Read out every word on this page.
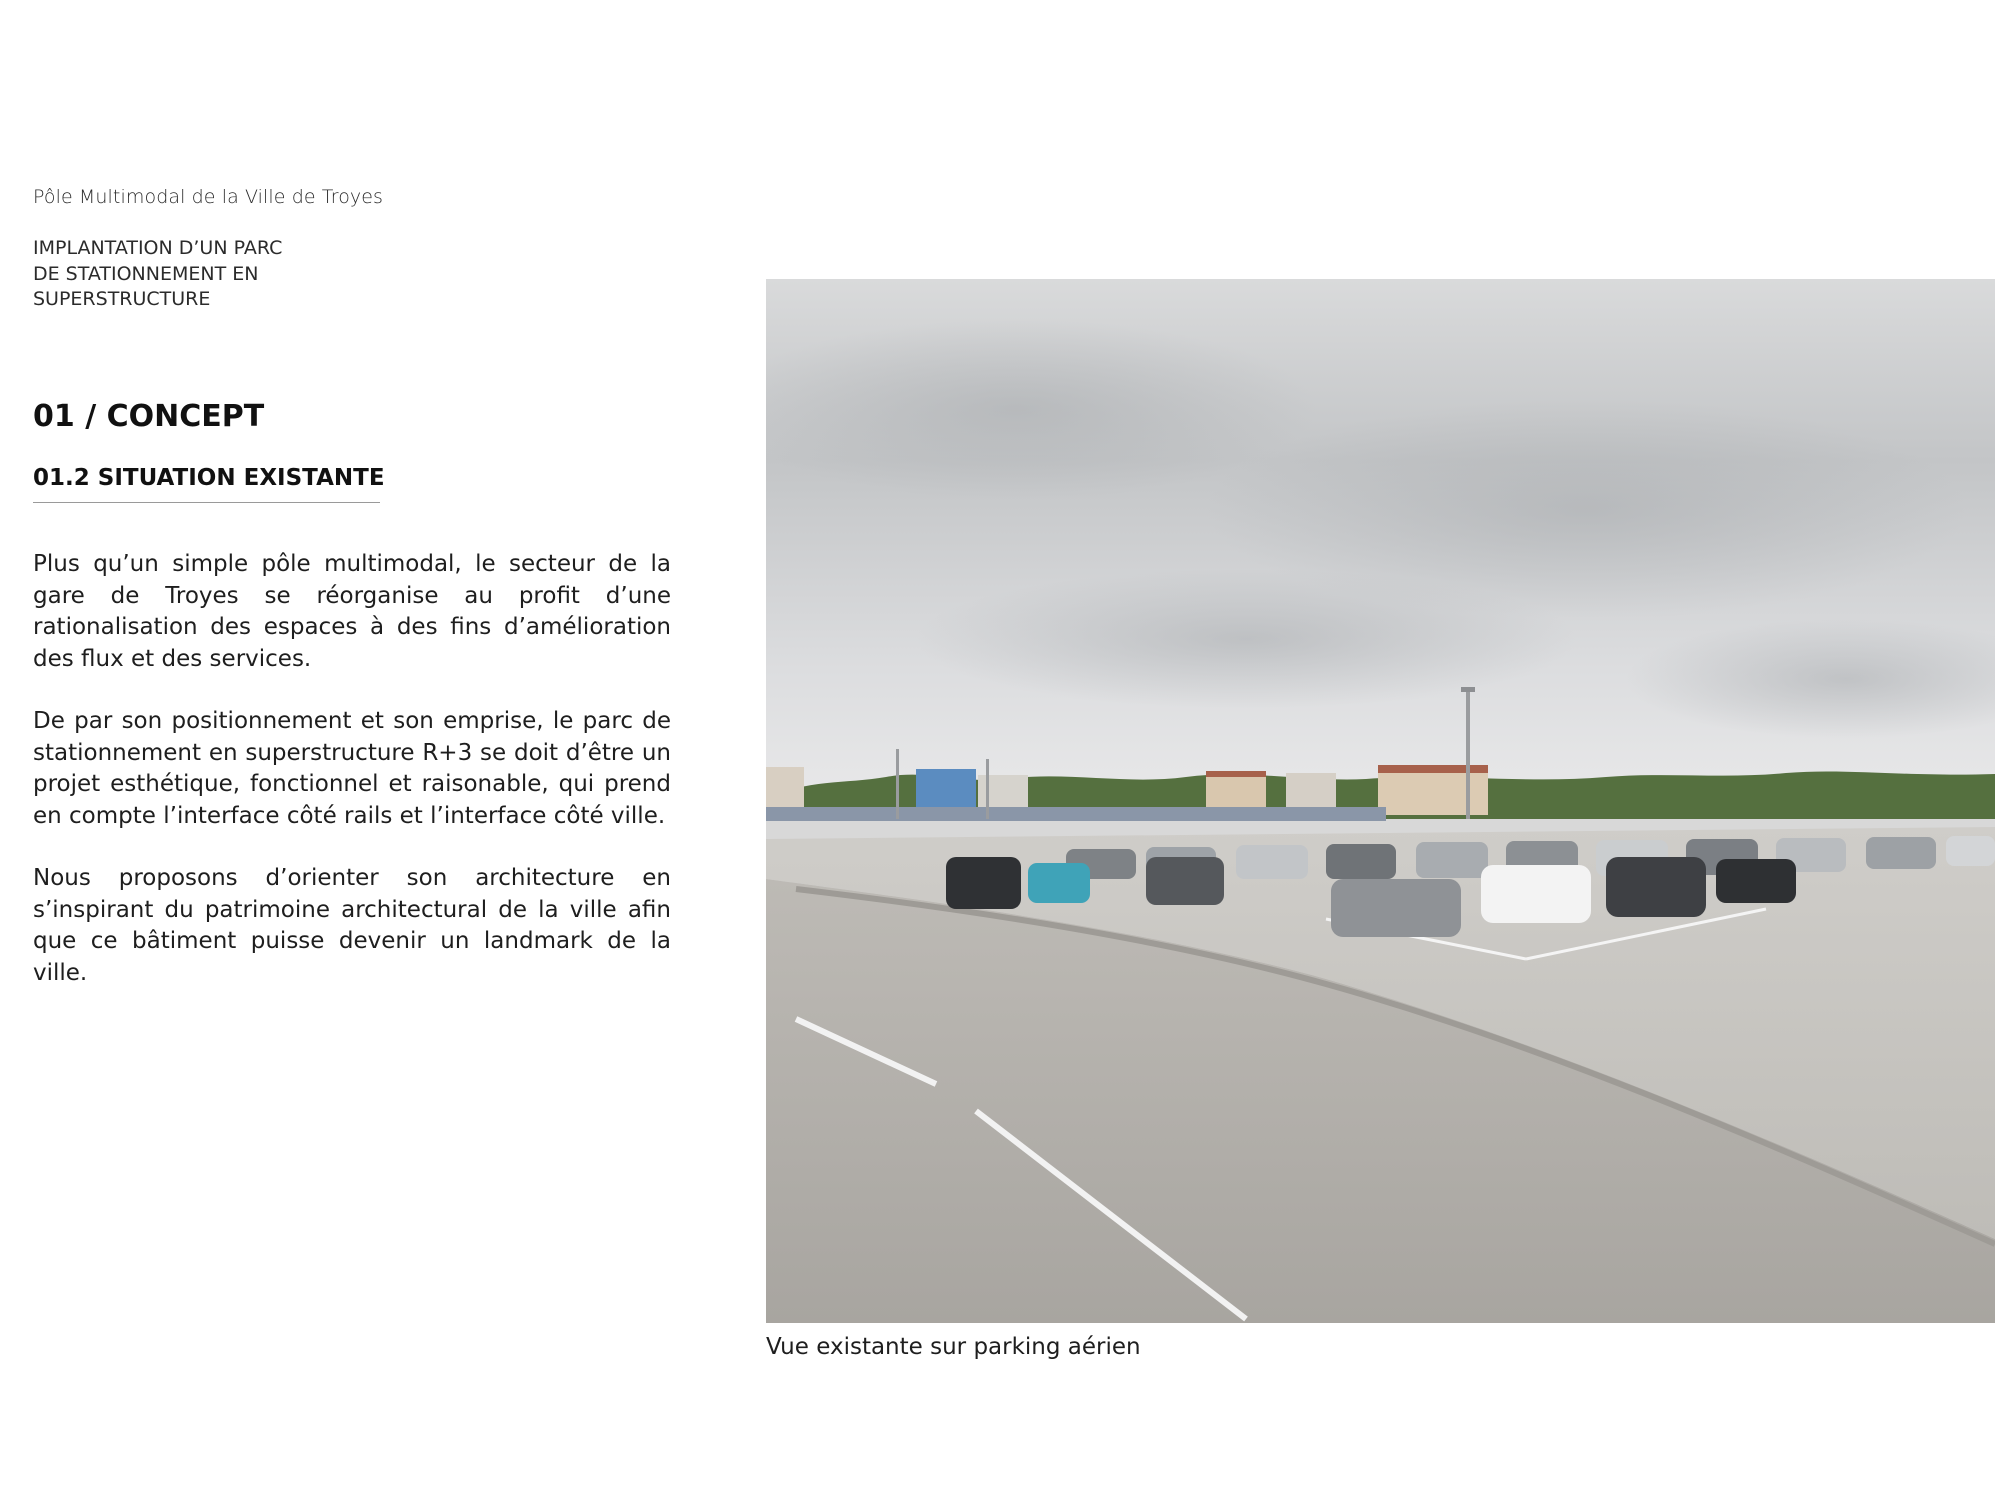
Pôle Multimodal de la Ville de Troyes
IMPLANTATION D’UN PARC
DE STATIONNEMENT EN
SUPERSTRUCTURE
01 / CONCEPT
01.2 SITUATION EXISTANTE

Plus qu’un simple pôle multimodal, le secteur de la gare de Troyes se réorganise au profit d’une rationalisation des espaces à des fins d’amélioration des flux et des services.

De par son positionnement et son emprise, le parc de stationnement en superstructure R+3 se doit d’être un projet esthétique, fonctionnel et raisonable, qui prend en compte l’interface côté rails et l’interface côté ville.

Nous proposons d’orienter son architecture en s’inspirant du patrimoine architectural de la ville afin que ce bâtiment puisse devenir un landmark de la ville.

Vue existante sur parking aérien
